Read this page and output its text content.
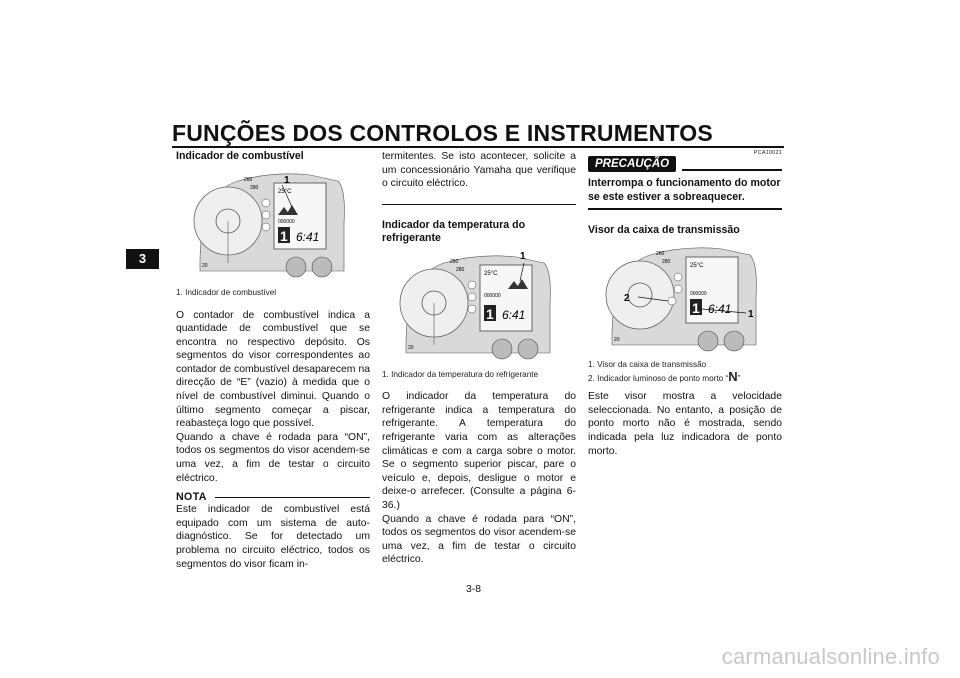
FUNÇÕES DOS CONTROLOS E INSTRUMENTOS
3
Indicador de combustível
260
280
20
25°C
000000
1 6:41
1

1. Indicador de combustível

O contador de combustível indica a quantidade de combustível que se encontra no respectivo depósito. Os segmentos do visor correspondentes ao contador de combustível desaparecem na direcção de “E” (vazio) à medida que o nível de combustível diminui. Quando o último segmento começar a piscar, reabasteça logo que possível.

Quando a chave é rodada para “ON”, todos os segmentos do visor acendem-se uma vez, a fim de testar o circuito eléctrico.

NOTA

Este indicador de combustível está equipado com um sistema de auto-diagnóstico. Se for detectado um problema no circuito eléctrico, todos os segmentos do visor ficam in-

termitentes. Se isto acontecer, solicite a um concessionário Yamaha que verifique o circuito eléctrico.

Indicador da temperatura do refrigerante
260
280
20
25°C
000000
1 6:41
1

1. Indicador da temperatura do refrigerante

O indicador da temperatura do refrigerante indica a temperatura do refrigerante. A temperatura do refrigerante varia com as alterações climáticas e com a carga sobre o motor. Se o segmento superior piscar, pare o veículo e, depois, desligue o motor e deixe-o arrefecer. (Consulte a página 6-36.)

Quando a chave é rodada para “ON”, todos os segmentos do visor acendem-se uma vez, a fim de testar o circuito eléctrico.

PCA10021
PRECAUÇÃO
Interrompa o funcionamento do motor se este estiver a sobreaquecer.
Visor da caixa de transmissão
260
280
20
25°C
000000
1 6:41
2
1

1. Visor da caixa de transmissão

2. Indicador luminoso de ponto morto “N”

Este visor mostra a velocidade seleccionada. No entanto, a posição de ponto morto não é mostrada, sendo indicada pela luz indicadora de ponto morto.

3-8
carmanualsonline.info
